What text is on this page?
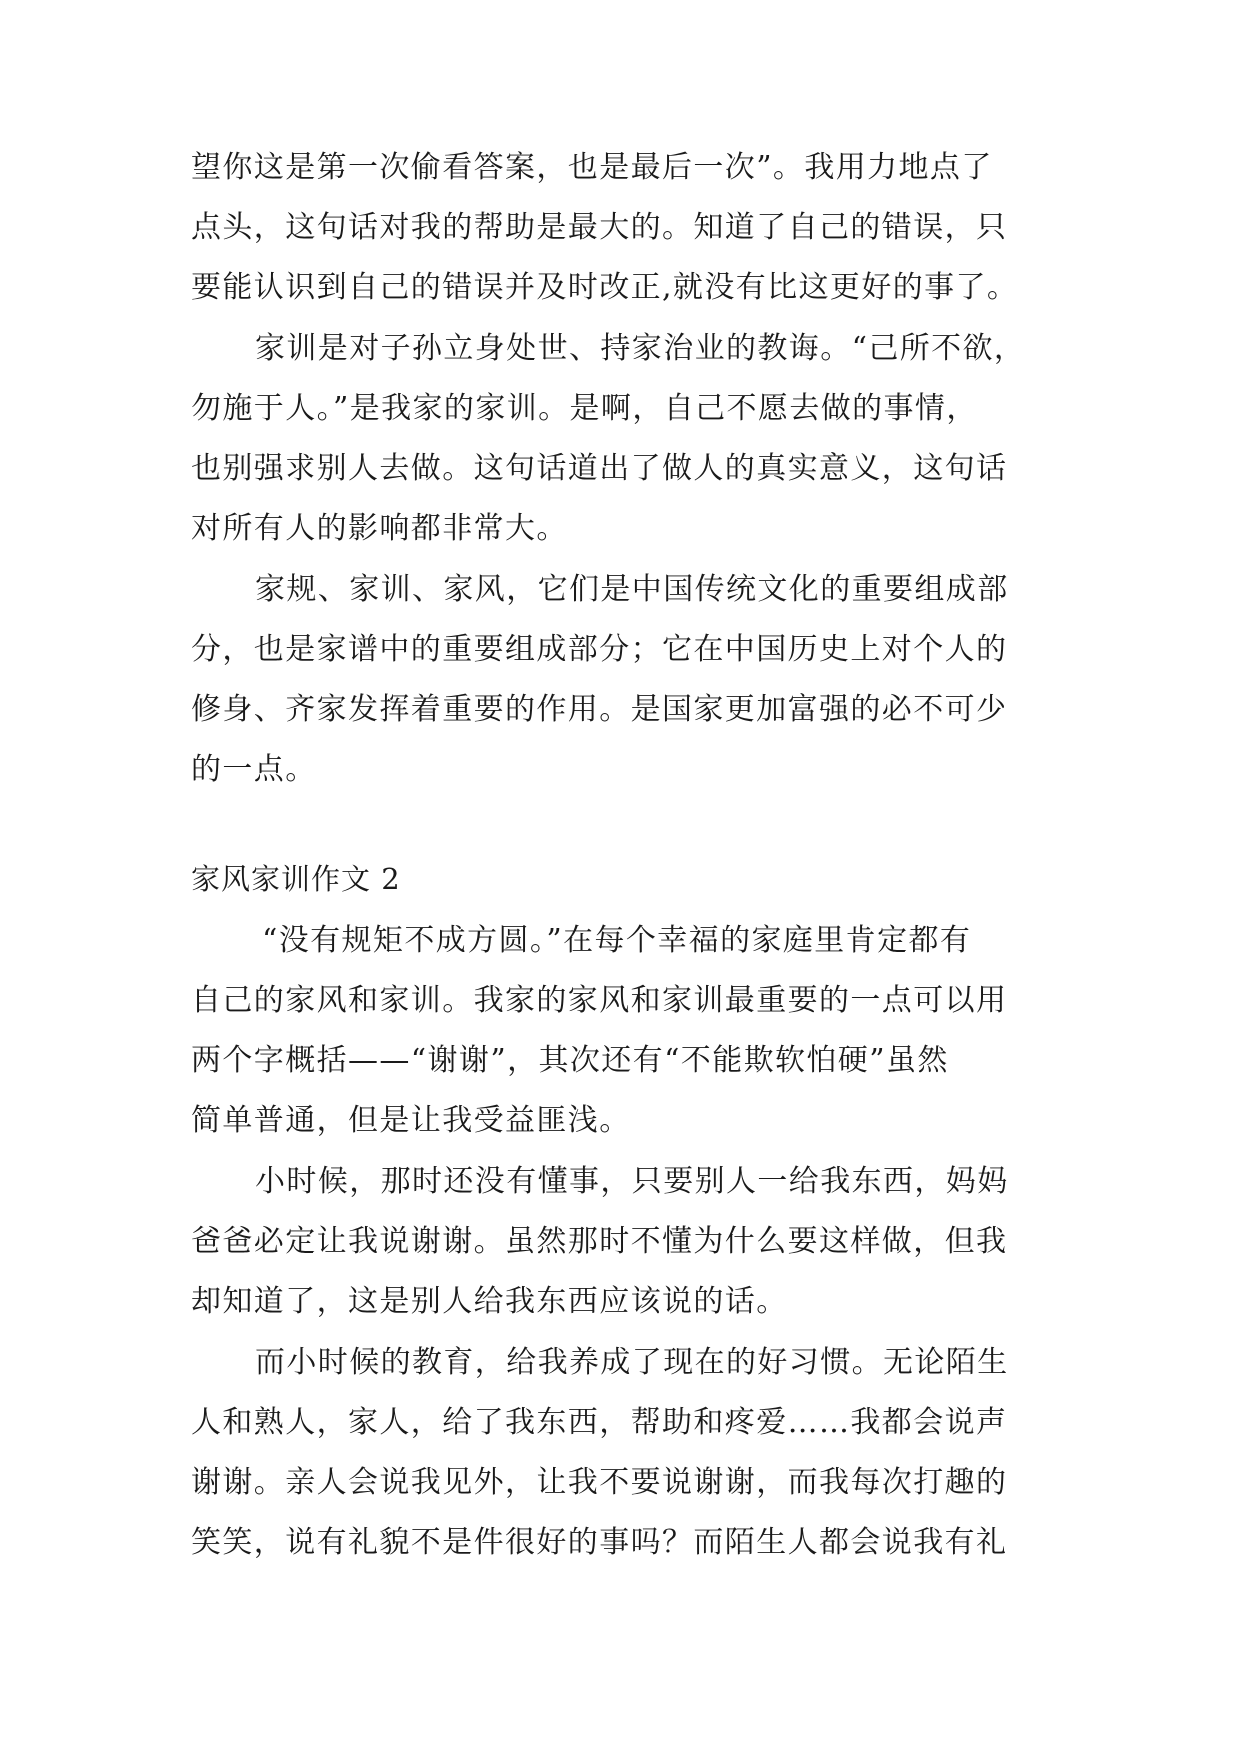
望你这是第一次偷看答案，也是最后一次”。我用力地点了
点头，这句话对我的帮助是最大的。知道了自己的错误，只
要能认识到自己的错误并及时改正,就没有比这更好的事了。
家训是对子孙立身处世、持家治业的教诲。“己所不欲，
勿施于人。”是我家的家训。是啊，自己不愿去做的事情，
也别强求别人去做。这句话道出了做人的真实意义，这句话
对所有人的影响都非常大。
家规、家训、家风，它们是中国传统文化的重要组成部
分，也是家谱中的重要组成部分；它在中国历史上对个人的
修身、齐家发挥着重要的作用。是国家更加富强的必不可少
的一点。
家风家训作文 2
“没有规矩不成方圆。”在每个幸福的家庭里肯定都有
自己的家风和家训。我家的家风和家训最重要的一点可以用
两个字概括——“谢谢”，其次还有“不能欺软怕硬”虽然
简单普通，但是让我受益匪浅。
小时候，那时还没有懂事，只要别人一给我东西，妈妈
爸爸必定让我说谢谢。虽然那时不懂为什么要这样做，但我
却知道了，这是别人给我东西应该说的话。
而小时候的教育，给我养成了现在的好习惯。无论陌生
人和熟人，家人，给了我东西，帮助和疼爱……我都会说声
谢谢。亲人会说我见外，让我不要说谢谢，而我每次打趣的
笑笑，说有礼貌不是件很好的事吗？而陌生人都会说我有礼
